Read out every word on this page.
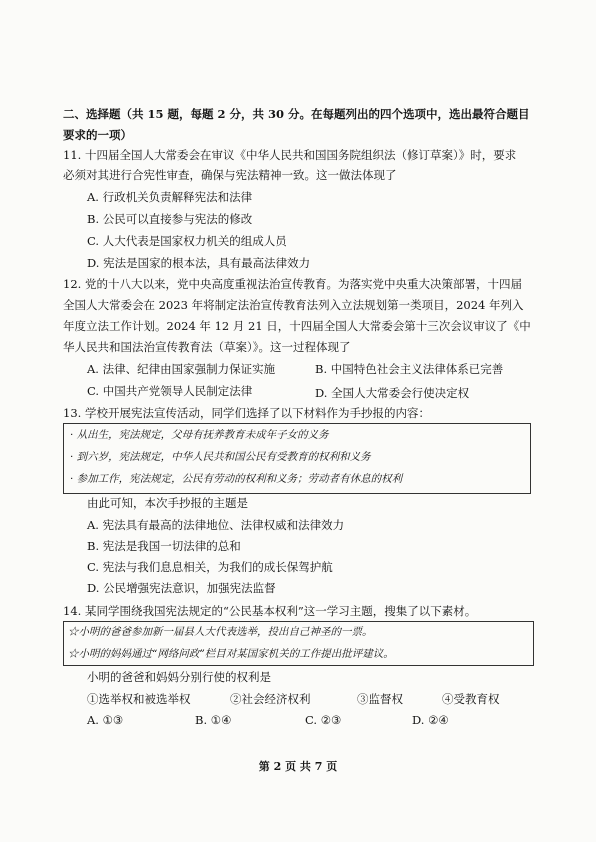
二、选择题（共 15 题，每题 2 分，共 30 分。在每题列出的四个选项中，选出最符合题目
要求的一项）
11. 十四届全国人大常委会在审议《中华人民共和国国务院组织法（修订草案）》时，要求
必须对其进行合宪性审查，确保与宪法精神一致。这一做法体现了
A. 行政机关负责解释宪法和法律
B. 公民可以直接参与宪法的修改
C. 人大代表是国家权力机关的组成人员
D. 宪法是国家的根本法，具有最高法律效力
12. 党的十八大以来，党中央高度重视法治宣传教育。为落实党中央重大决策部署，十四届
全国人大常委会在 2023 年将制定法治宣传教育法列入立法规划第一类项目，2024 年列入
年度立法工作计划。2024 年 12 月 21 日，十四届全国人大常委会第十三次会议审议了《中
华人民共和国法治宣传教育法（草案）》。这一过程体现了
A. 法律、纪律由国家强制力保证实施	B. 中国特色社会主义法律体系已完善
C. 中国共产党领导人民制定法律	D. 全国人大常委会行使决定权
13. 学校开展宪法宣传活动，同学们选择了以下材料作为手抄报的内容：
· 从出生，宪法规定，父母有抚养教育未成年子女的义务
· 到六岁，宪法规定，中华人民共和国公民有受教育的权利和义务
· 参加工作，宪法规定，公民有劳动的权利和义务；劳动者有休息的权利
由此可知，本次手抄报的主题是
A. 宪法具有最高的法律地位、法律权威和法律效力
B. 宪法是我国一切法律的总和
C. 宪法与我们息息相关，为我们的成长保驾护航
D. 公民增强宪法意识，加强宪法监督
14. 某同学围绕我国宪法规定的“公民基本权利”这一学习主题，搜集了以下素材。
☆小明的爸爸参加新一届县人大代表选举，投出自己神圣的一票。
☆小明的妈妈通过“网络问政”栏目对某国家机关的工作提出批评建议。
小明的爸爸和妈妈分别行使的权利是
①选举权和被选举权	②社会经济权利	③监督权	④受教育权
A. ①③	B. ①④	C. ②③	D. ②④
第 2 页 共 7 页
